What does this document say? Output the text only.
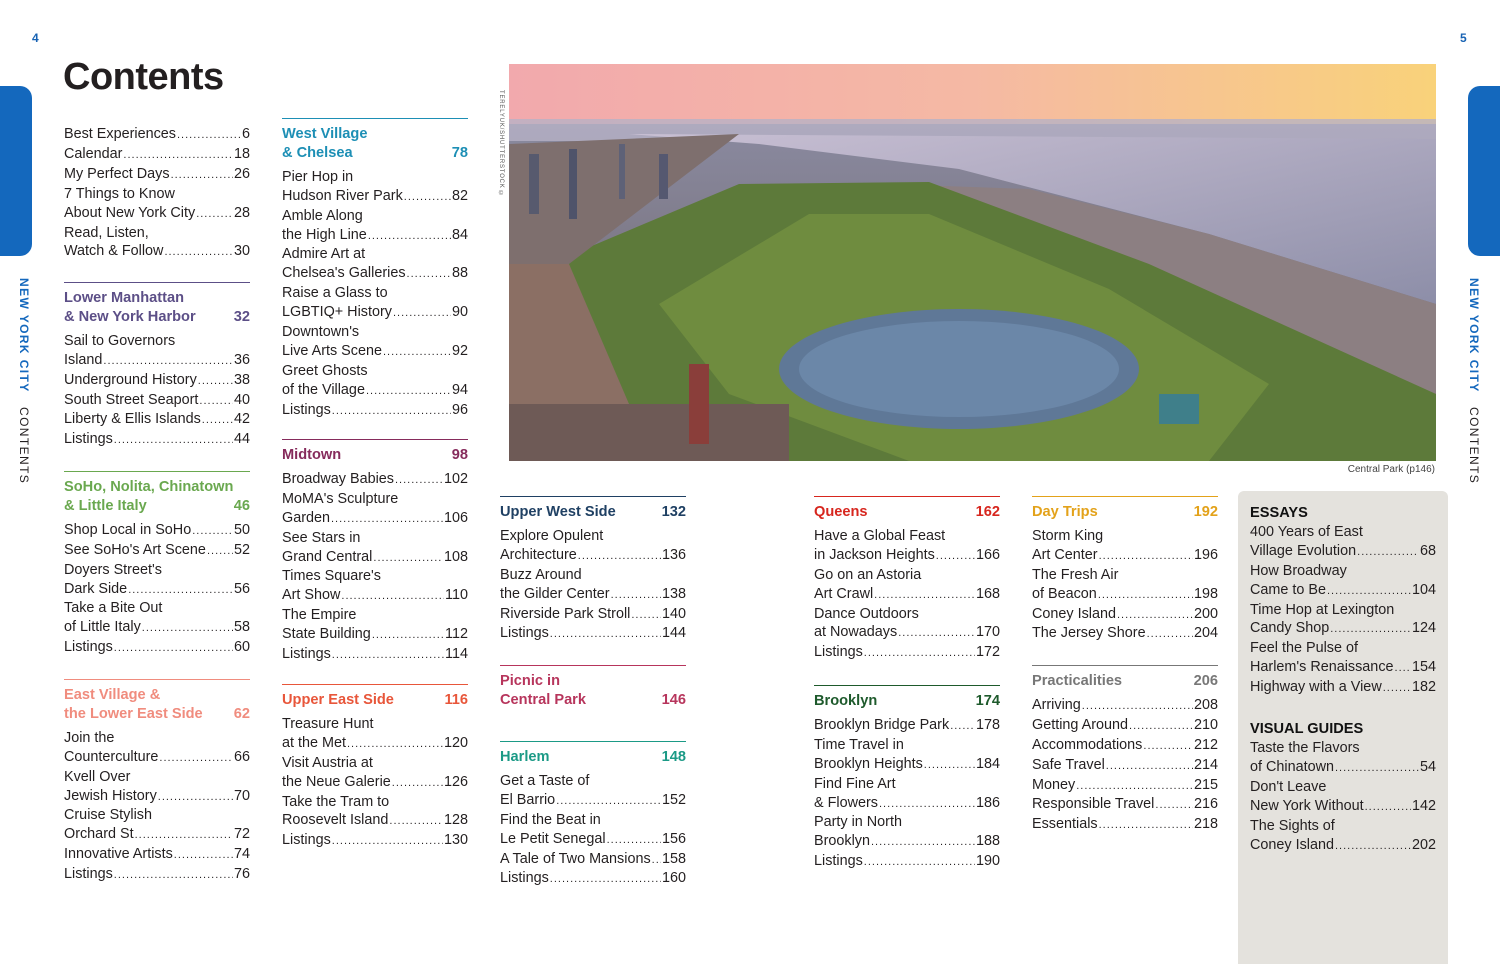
4	5
NEW YORK CITY CONTENTS
NEW YORK CITY CONTENTS
Contents
Best Experiences .....	6
Calendar .....	18
My Perfect Days .....	26
7 Things to Know
About New York City .....	28
Read, Listen,
Watch & Follow .....	30
Lower Manhattan
& New York Harbor	32
Sail to Governors
Island .....	36
Underground History .....	38
South Street Seaport ..... 40
Liberty & Ellis Islands ..... 42
Listings .....	44
SoHo, Nolita, Chinatown
& Little Italy	46
Shop Local in SoHo .....	50
See SoHo's Art Scene ..... 52
Doyers Street's
Dark Side .....	56
Take a Bite Out
of Little Italy .....	58
Listings .....	60
East Village &
the Lower East Side 62
Join the
Counterculture .....	66
Kvell Over
Jewish History .....	70
Cruise Stylish
Orchard St .....	72
Innovative Artists .....	74
Listings .....	76
West Village
& Chelsea	78
Pier Hop in
Hudson River Park .....	82
Amble Along
the High Line .....	84
Admire Art at
Chelsea's Galleries .....	88
Raise a Glass to
LGBTIQ+ History .....	90
Downtown's
Live Arts Scene .....	92
Greet Ghosts
of the Village .....	94
Listings .....	96
Midtown	98
Broadway Babies .....	102
MoMA's Sculpture
Garden .....	106
See Stars in
Grand Central .....	108
Times Square's
Art Show .....	110
The Empire
State Building .....	112
Listings .....	114
Upper East Side	116
Treasure Hunt
at the Met .....	120
Visit Austria at
the Neue Galerie .....	126
Take the Tram to
Roosevelt Island .....	128
Listings .....	130
Upper West Side	132
Explore Opulent
Architecture .....	136
Buzz Around
the Gilder Center .....	138
Riverside Park Stroll ..... 140
Listings .....	144
Picnic in
Central Park	146
Harlem	148
Get a Taste of
El Barrio .....	152
Find the Beat in
Le Petit Senegal .....	156
A Tale of Two Mansions ..... 158
Listings .....	160
Queens	162
Have a Global Feast
in Jackson Heights .....	166
Go on an Astoria
Art Crawl .....	168
Dance Outdoors
at Nowadays .....	170
Listings .....	172
Brooklyn	174
Brooklyn Bridge Park ..... 178
Time Travel in
Brooklyn Heights .....	184
Find Fine Art
& Flowers .....	186
Party in North
Brooklyn .....	188
Listings .....	190
Day Trips	192
Storm King
Art Center .....	196
The Fresh Air
of Beacon .....	198
Coney Island .....	200
The Jersey Shore .....	204
Practicalities	206
Arriving .....	208
Getting Around .....	210
Accommodations .....	212
Safe Travel .....	214
Money .....	215
Responsible Travel .....	216
Essentials .....	218
TERELYUK/SHUTTERSTOCK ©
Central Park (p146)
ESSAYS
400 Years of East
Village Evolution .....	68
How Broadway
Came to Be .....	104
Time Hop at Lexington
Candy Shop .....	124
Feel the Pulse of
Harlem's Renaissance ..... 154
Highway with a View ..... 182
VISUAL GUIDES
Taste the Flavors
of Chinatown .....	54
Don't Leave
New York Without .....	142
The Sights of
Coney Island .....	202
